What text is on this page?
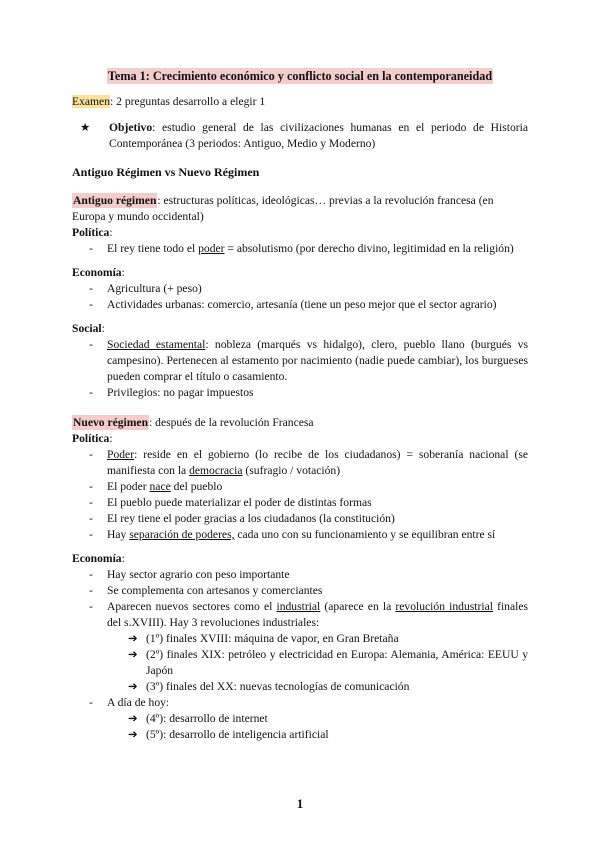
Tema 1: Crecimiento económico y conflicto social en la contemporaneidad

Examen: 2 preguntas desarrollo a elegir 1

★ Objetivo: estudio general de las civilizaciones humanas en el periodo de Historia Contemporánea (3 periodos: Antiguo, Medio y Moderno)

Antiguo Régimen vs Nuevo Régimen

Antiguo régimen: estructuras políticas, ideológicas… previas a la revolución francesa (en Europa y mundo occidental)

Política:

- El rey tiene todo el poder = absolutismo (por derecho divino, legitimidad en la religión)

Economía:

- Agricultura (+ peso)
- Actividades urbanas: comercio, artesanía (tiene un peso mejor que el sector agrario)

Social:

- Sociedad estamental: nobleza (marqués vs hidalgo), clero, pueblo llano (burgués vs campesino). Pertenecen al estamento por nacimiento (nadie puede cambiar), los burgueses pueden comprar el título o casamiento.
- Privilegios: no pagar impuestos

Nuevo régimen: después de la revolución Francesa

Política:

- Poder: reside en el gobierno (lo recibe de los ciudadanos) = soberanía nacional (se manifiesta con la democracia (sufragio / votación)
- El poder nace del pueblo
- El pueblo puede materializar el poder de distintas formas
- El rey tiene el poder gracias a los ciudadanos (la constitución)
- Hay separación de poderes, cada uno con su funcionamiento y se equilibran entre sí

Economía:

- Hay sector agrario con peso importante
- Se complementa con artesanos y comerciantes
- Aparecen nuevos sectores como el industrial (aparece en la revolución industrial finales del s.XVIII). Hay 3 revoluciones industriales:
➔ (1º) finales XVIII: máquina de vapor, en Gran Bretaña
➔ (2º) finales XIX: petróleo y electricidad en Europa: Alemania, América: EEUU y Japón
➔ (3º) finales del XX: nuevas tecnologías de comunicación
- A día de hoy:
➔ (4º): desarrollo de internet
➔ (5º): desarrollo de inteligencia artificial
1
